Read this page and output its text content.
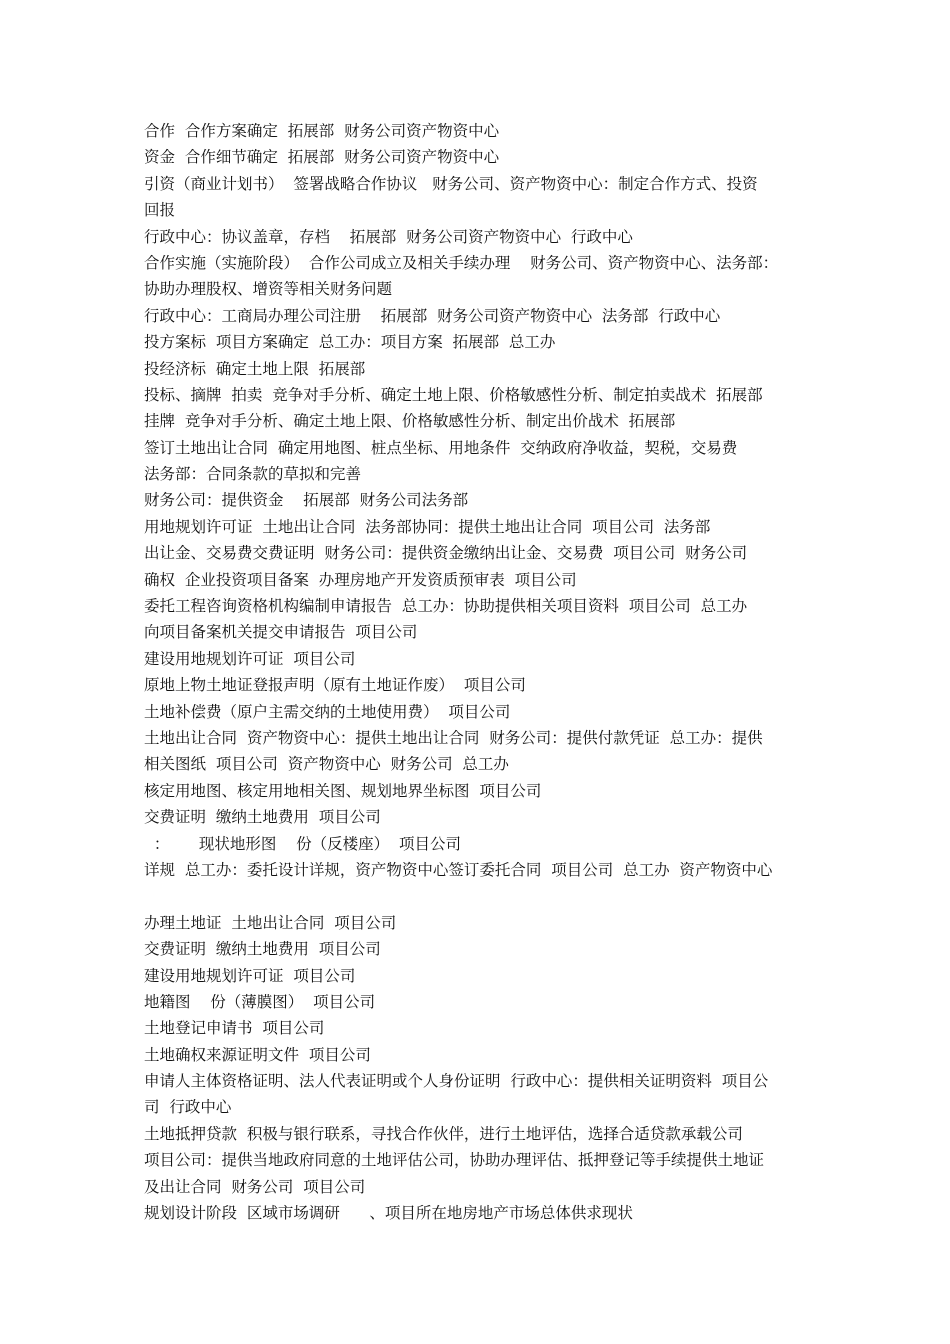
合作  合作方案确定  拓展部  财务公司资产物资中心
资金  合作细节确定  拓展部  财务公司资产物资中心
引资（商业计划书）  签署战略合作协议   财务公司、资产物资中心：制定合作方式、投资
回报
行政中心：协议盖章，存档    拓展部  财务公司资产物资中心  行政中心
合作实施（实施阶段）  合作公司成立及相关手续办理    财务公司、资产物资中心、法务部：
协助办理股权、增资等相关财务问题
行政中心：工商局办理公司注册    拓展部  财务公司资产物资中心  法务部  行政中心
投方案标  项目方案确定  总工办：项目方案  拓展部  总工办
投经济标  确定土地上限  拓展部
投标、摘牌  拍卖  竞争对手分析、确定土地上限、价格敏感性分析、制定拍卖战术  拓展部
挂牌  竞争对手分析、确定土地上限、价格敏感性分析、制定出价战术  拓展部
签订土地出让合同  确定用地图、桩点坐标、用地条件  交纳政府净收益，契税，交易费
法务部：合同条款的草拟和完善
财务公司：提供资金    拓展部  财务公司法务部
用地规划许可证  土地出让合同  法务部协同：提供土地出让合同  项目公司  法务部
出让金、交易费交费证明  财务公司：提供资金缴纳出让金、交易费  项目公司  财务公司
确权  企业投资项目备案  办理房地产开发资质预审表  项目公司
委托工程咨询资格机构编制申请报告  总工办：协助提供相关项目资料  项目公司  总工办
向项目备案机关提交申请报告  项目公司
建设用地规划许可证  项目公司
原地上物土地证登报声明（原有土地证作废）  项目公司
土地补偿费（原户主需交纳的土地使用费）  项目公司
土地出让合同  资产物资中心：提供土地出让合同  财务公司：提供付款凭证  总工办：提供
相关图纸  项目公司  资产物资中心  财务公司  总工办
核定用地图、核定用地相关图、规划地界坐标图  项目公司
交费证明  缴纳土地费用  项目公司
：      现状地形图    份（反楼座）  项目公司
详规  总工办：委托设计详规，资产物资中心签订委托合同  项目公司  总工办  资产物资中心
办理土地证  土地出让合同  项目公司
交费证明  缴纳土地费用  项目公司
建设用地规划许可证  项目公司
地籍图    份（薄膜图）  项目公司
土地登记申请书  项目公司
土地确权来源证明文件  项目公司
申请人主体资格证明、法人代表证明或个人身份证明  行政中心：提供相关证明资料  项目公
司  行政中心
土地抵押贷款  积极与银行联系，寻找合作伙伴，进行土地评估，选择合适贷款承载公司
项目公司：提供当地政府同意的土地评估公司，协助办理评估、抵押登记等手续提供土地证
及出让合同  财务公司  项目公司
规划设计阶段  区域市场调研      、项目所在地房地产市场总体供求现状
